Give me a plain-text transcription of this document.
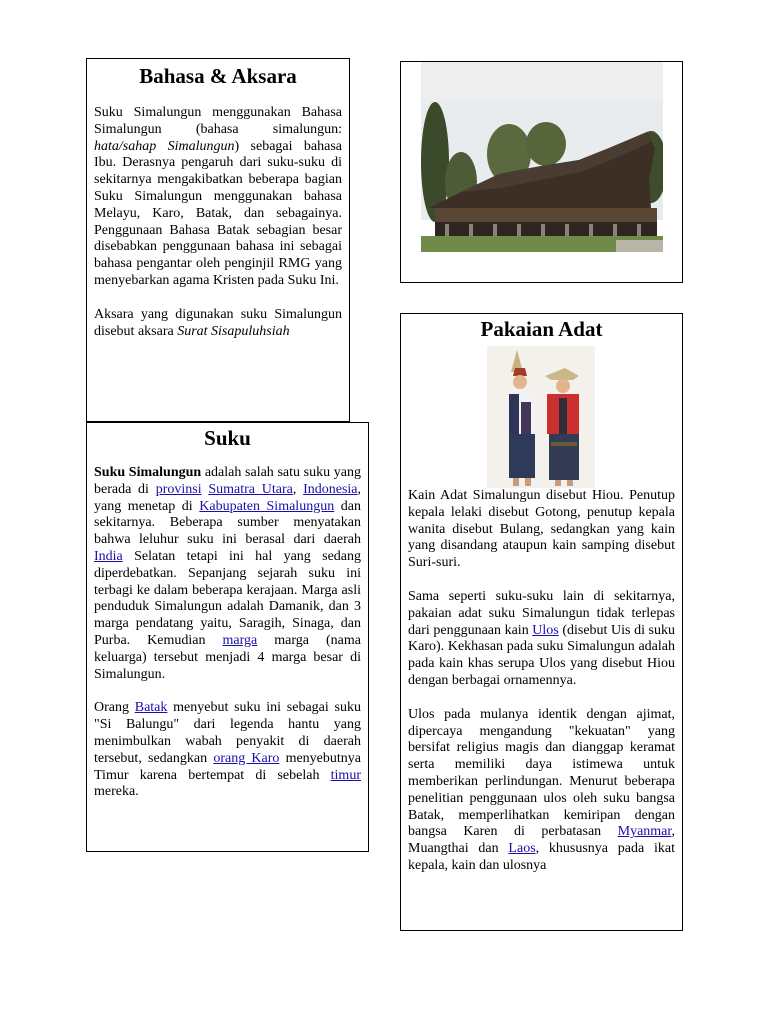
Bahasa & Aksara

Suku Simalungun menggunakan Bahasa Simalungun (bahasa simalungun: hata/sahap Simalungun) sebagai bahasa Ibu. Derasnya pengaruh dari suku-suku di sekitarnya mengakibatkan beberapa bagian Suku Simalungun menggunakan bahasa Melayu, Karo, Batak, dan sebagainya. Penggunaan Bahasa Batak sebagian besar disebabkan penggunaan bahasa ini sebagai bahasa pengantar oleh penginjil RMG yang menyebarkan agama Kristen pada Suku Ini.

Aksara yang digunakan suku Simalungun disebut aksara Surat Sisapuluhsiah

Suku

Suku Simalungun adalah salah satu suku yang berada di provinsi Sumatra Utara, Indonesia, yang menetap di Kabupaten Simalungun dan sekitarnya. Beberapa sumber menyatakan bahwa leluhur suku ini berasal dari daerah India Selatan tetapi ini hal yang sedang diperdebatkan. Sepanjang sejarah suku ini terbagi ke dalam beberapa kerajaan. Marga asli penduduk Simalungun adalah Damanik, dan 3 marga pendatang yaitu, Saragih, Sinaga, dan Purba. Kemudian marga marga (nama keluarga) tersebut menjadi 4 marga besar di Simalungun.

Orang Batak menyebut suku ini sebagai suku "Si Balungu" dari legenda hantu yang menimbulkan wabah penyakit di daerah tersebut, sedangkan orang Karo menyebutnya Timur karena bertempat di sebelah timur mereka.

Pakaian Adat

Kain Adat Simalungun disebut Hiou. Penutup kepala lelaki disebut Gotong, penutup kepala wanita disebut Bulang, sedangkan yang kain yang disandang ataupun kain samping disebut Suri-suri.

Sama seperti suku-suku lain di sekitarnya, pakaian adat suku Simalungun tidak terlepas dari penggunaan kain Ulos (disebut Uis di suku Karo). Kekhasan pada suku Simalungun adalah pada kain khas serupa Ulos yang disebut Hiou dengan berbagai ornamennya.

Ulos pada mulanya identik dengan ajimat, dipercaya mengandung "kekuatan" yang bersifat religius magis dan dianggap keramat serta memiliki daya istimewa untuk memberikan perlindungan. Menurut beberapa penelitian penggunaan ulos oleh suku bangsa Batak, memperlihatkan kemiripan dengan bangsa Karen di perbatasan Myanmar, Muangthai dan Laos, khususnya pada ikat kepala, kain dan ulosnya
